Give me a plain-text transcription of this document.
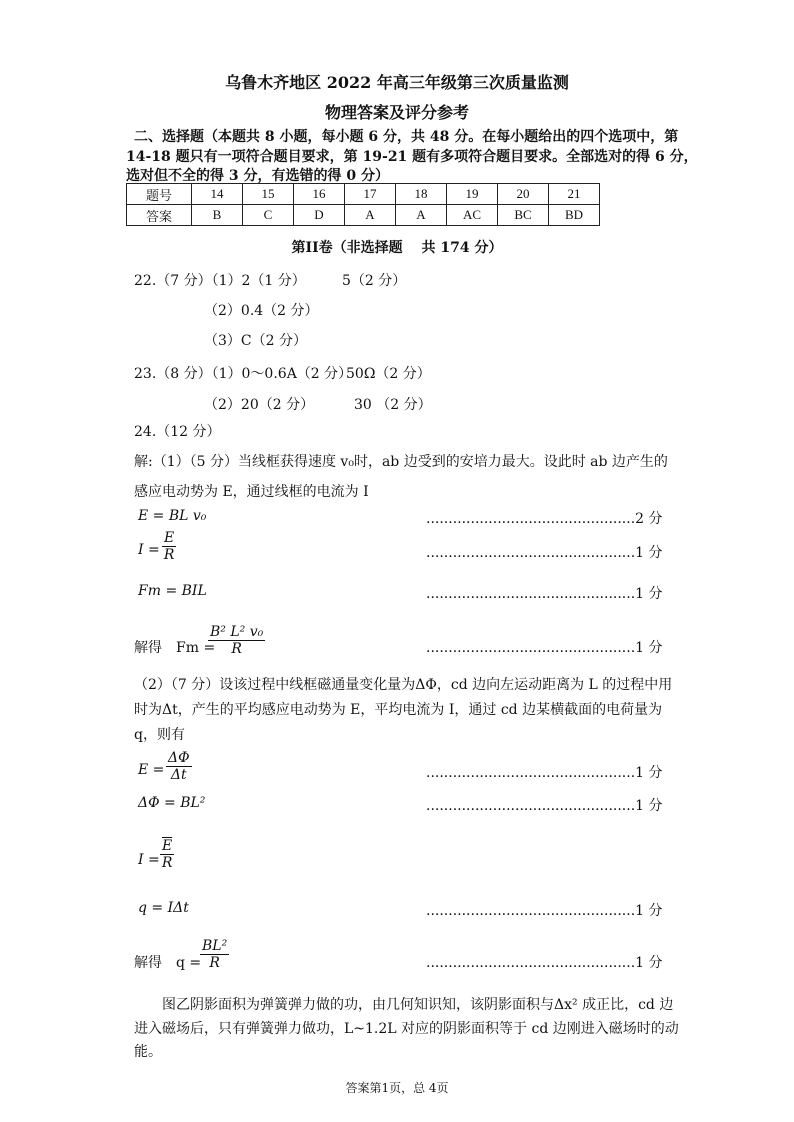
乌鲁木齐地区 2022 年高三年级第三次质量监测
物理答案及评分参考
二、选择题（本题共 8 小题，每小题 6 分，共 48 分。在每小题给出的四个选项中，第
14-18 题只有一项符合题目要求，第 19-21 题有多项符合题目要求。全部选对的得 6 分，
选对但不全的得 3 分，有选错的得 0 分）
题号	14	15	16	17	18	19	20	21
答案	B	C	D	A	A	AC	BC	BD
第II卷（非选择题　 共 174 分）
22.（7 分）（1）2（1 分）	5（2 分）
（2）0.4（2 分）
（3）C（2 分）
23.（8 分）（1）0～0.6A（2 分）
50Ω（2 分）
（2）20（2 分）	30 （2 分）
24.（12 分）
解:（1）（5 分）当线框获得速度 v₀时，ab 边受到的安培力最大。设此时 ab 边产生的
感应电动势为 E，通过线框的电流为 I
E = BL v₀	...............................................2 分
$I = \frac{E}{R}$	...............................................1 分
Fm = BIL	...............................................1 分
解得　Fm =
$\frac{\text{B² L² v₀}}{R}$	...............................................1 分
（2）（7 分）设该过程中线框磁通量变化量为ΔΦ，cd 边向左运动距离为 L 的过程中用
时为Δt，产生的平均感应电动势为 E，平均电流为 I，通过 cd 边某横截面的电荷量为
q，则有
$E = \frac{\Delta\Phi}{\Delta t}$	...............................................1 分
ΔΦ = BL²	...............................................1 分
$I = \frac{\overline{E}}{R}$
q = IΔt	...............................................1 分
解得　q =
$\frac{\text{BL²}}{R}$	...............................................1 分
图乙阴影面积为弹簧弹力做的功，由几何知识知，该阴影面积与Δx² 成正比，cd 边
进入磁场后，只有弹簧弹力做功，L~1.2L 对应的阴影面积等于 cd 边刚进入磁场时的动
能。
答案第1页，总 4页
